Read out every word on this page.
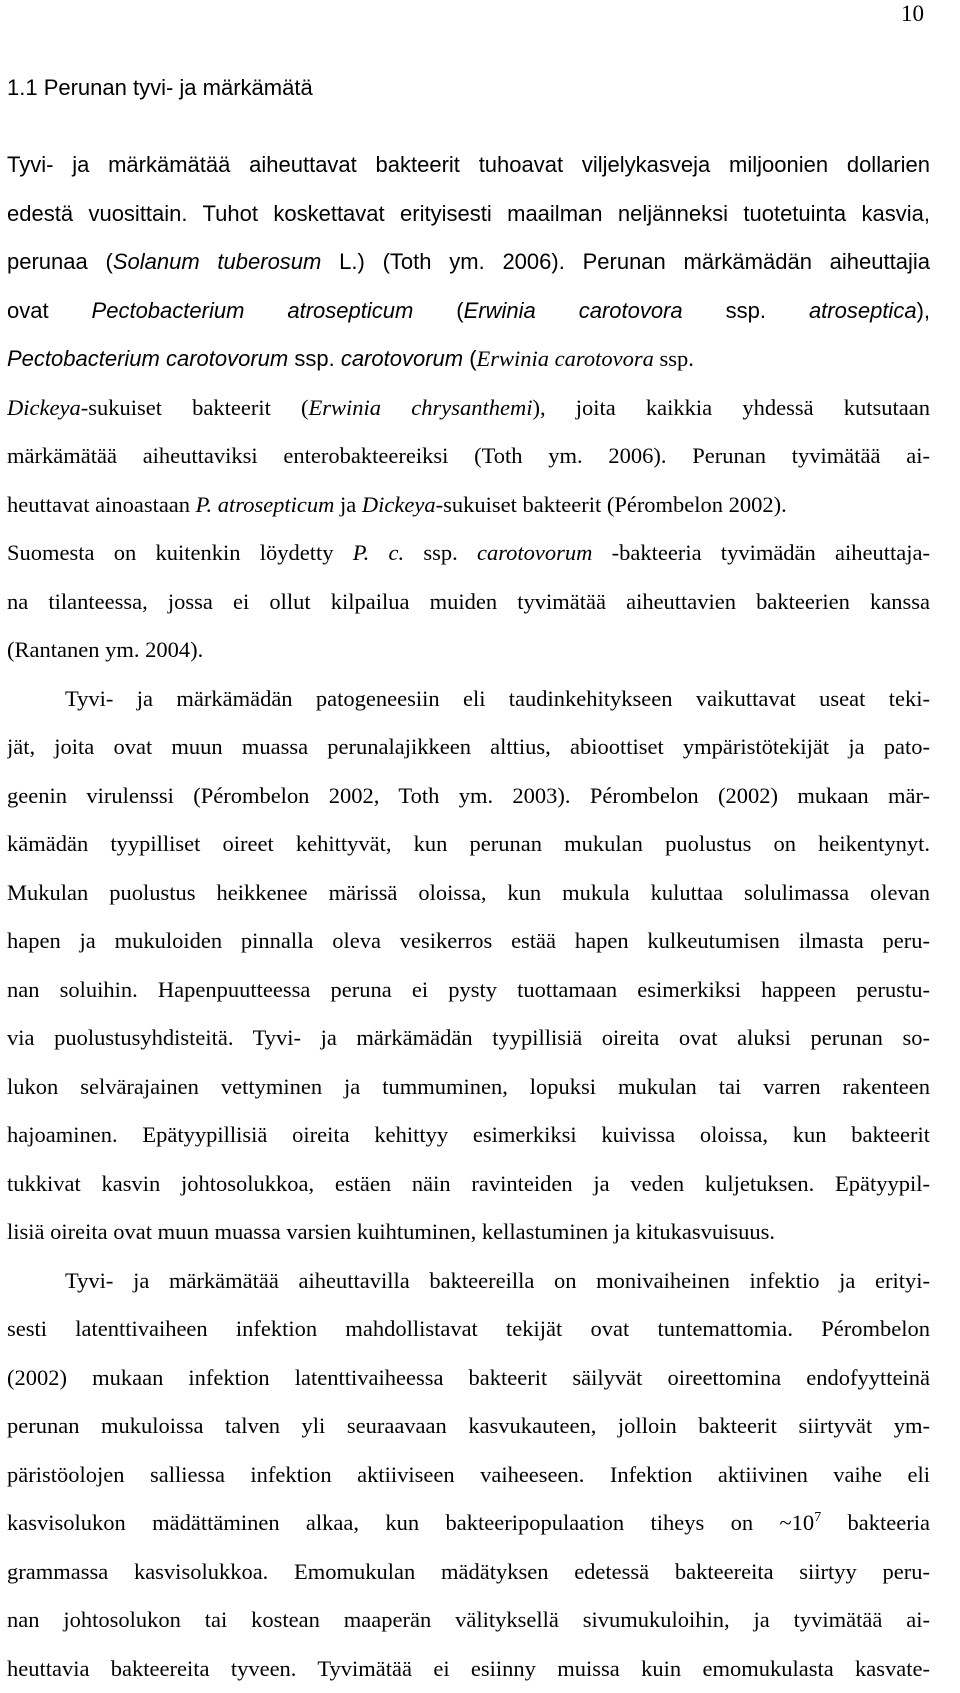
10
1.1 Perunan tyvi- ja märkämätä
Tyvi- ja märkämätää aiheuttavat bakteerit tuhoavat viljelykasveja miljoonien dollarien
edestä vuosittain. Tuhot koskettavat erityisesti maailman neljänneksi tuotetuinta kasvia,
perunaa (Solanum tuberosum L.) (Toth ym. 2006). Perunan märkämädän aiheuttajia
ovat Pectobacterium atrosepticum (Erwinia carotovora ssp. atroseptica),
Pectobacterium carotovorum ssp. carotovorum (Erwinia carotovora ssp.
Dickeya-sukuiset bakteerit (Erwinia chrysanthemi), joita kaikkia yhdessä kutsutaan
märkämätää aiheuttaviksi enterobakteereiksi (Toth ym. 2006). Perunan tyvimätää ai-
heuttavat ainoastaan P. atrosepticum ja Dickeya-sukuiset bakteerit (Pérombelon 2002).
Suomesta on kuitenkin löydetty P. c. ssp. carotovorum -bakteeria tyvimädän aiheuttaja-
na tilanteessa, jossa ei ollut kilpailua muiden tyvimätää aiheuttavien bakteerien kanssa
(Rantanen ym. 2004).
Tyvi- ja märkämädän patogeneesiin eli taudinkehitykseen vaikuttavat useat teki-
jät, joita ovat muun muassa perunalajikkeen alttius, abioottiset ympäristötekijät ja pato-
geenin virulenssi (Pérombelon 2002, Toth ym. 2003). Pérombelon (2002) mukaan mär-
kämädän tyypilliset oireet kehittyvät, kun perunan mukulan puolustus on heikentynyt.
Mukulan puolustus heikkenee märissä oloissa, kun mukula kuluttaa solulimassa olevan
hapen ja mukuloiden pinnalla oleva vesikerros estää hapen kulkeutumisen ilmasta peru-
nan soluihin. Hapenpuutteessa peruna ei pysty tuottamaan esimerkiksi happeen perustu-
via puolustusyhdisteitä. Tyvi- ja märkämädän tyypillisiä oireita ovat aluksi perunan so-
lukon selvärajainen vettyminen ja tummuminen, lopuksi mukulan tai varren rakenteen
hajoaminen. Epätyypillisiä oireita kehittyy esimerkiksi kuivissa oloissa, kun bakteerit
tukkivat kasvin johtosolukkoa, estäen näin ravinteiden ja veden kuljetuksen. Epätyypil-
lisiä oireita ovat muun muassa varsien kuihtuminen, kellastuminen ja kitukasvuisuus.
Tyvi- ja märkämätää aiheuttavilla bakteereilla on monivaiheinen infektio ja erityi-
sesti latenttivaiheen infektion mahdollistavat tekijät ovat tuntemattomia. Pérombelon
(2002) mukaan infektion latenttivaiheessa bakteerit säilyvät oireettomina endofyytteinä
perunan mukuloissa talven yli seuraavaan kasvukauteen, jolloin bakteerit siirtyvät ym-
päristöolojen salliessa infektion aktiiviseen vaiheeseen. Infektion aktiivinen vaihe eli
kasvisolukon mädättäminen alkaa, kun bakteeripopulaation tiheys on $\sim 10^7$ bakteeria
grammassa kasvisolukkoa. Emomukulan mädätyksen edetessä bakteereita siirtyy peru-
nan johtosolukon tai kostean maaperän välityksellä sivumukuloihin, ja tyvimätää ai-
heuttavia bakteereita tyveen. Tyvimätää ei esiinny muissa kuin emomukulasta kasvate-
